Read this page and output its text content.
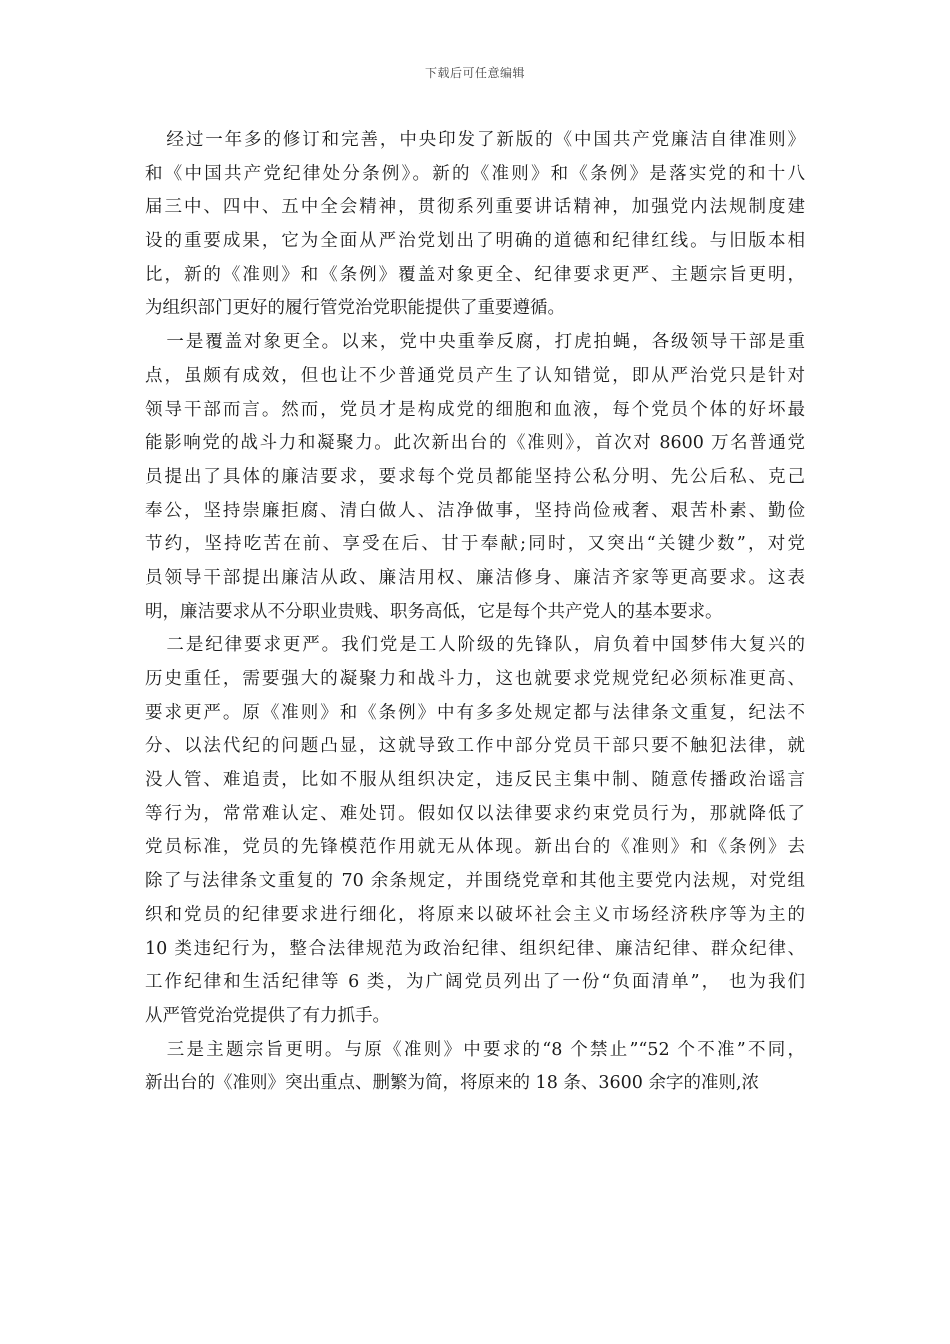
下载后可任意编辑
　经过一年多的修订和完善，中央印发了新版的《中国共产党廉洁自律准则》
和《中国共产党纪律处分条例》。新的《准则》和《条例》是落实党的和十八
届三中、四中、五中全会精神，贯彻系列重要讲话精神，加强党内法规制度建
设的重要成果，它为全面从严治党划出了明确的道德和纪律红线。与旧版本相
比，新的《准则》和《条例》覆盖对象更全、纪律要求更严、主题宗旨更明，
为组织部门更好的履行管党治党职能提供了重要遵循。
　一是覆盖对象更全。以来，党中央重拳反腐，打虎拍蝇，各级领导干部是重
点，虽颇有成效，但也让不少普通党员产生了认知错觉，即从严治党只是针对
领导干部而言。然而，党员才是构成党的细胞和血液，每个党员个体的好坏最
能影响党的战斗力和凝聚力。此次新出台的《准则》，首次对 8600 万名普通党
员提出了具体的廉洁要求，要求每个党员都能坚持公私分明、先公后私、克己
奉公，坚持崇廉拒腐、清白做人、洁净做事，坚持尚俭戒奢、艰苦朴素、勤俭
节约，坚持吃苦在前、享受在后、甘于奉献;同时，又突出“关键少数”，对党
员领导干部提出廉洁从政、廉洁用权、廉洁修身、廉洁齐家等更高要求。这表
明，廉洁要求从不分职业贵贱、职务高低，它是每个共产党人的基本要求。
　二是纪律要求更严。我们党是工人阶级的先锋队，肩负着中国梦伟大复兴的
历史重任，需要强大的凝聚力和战斗力，这也就要求党规党纪必须标准更高、
要求更严。原《准则》和《条例》中有多多处规定都与法律条文重复，纪法不
分、以法代纪的问题凸显，这就导致工作中部分党员干部只要不触犯法律，就
没人管、难追责，比如不服从组织决定，违反民主集中制、随意传播政治谣言
等行为，常常难认定、难处罚。假如仅以法律要求约束党员行为，那就降低了
党员标准，党员的先锋模范作用就无从体现。新出台的《准则》和《条例》去
除了与法律条文重复的 70 余条规定，并围绕党章和其他主要党内法规，对党组
织和党员的纪律要求进行细化，将原来以破坏社会主义市场经济秩序等为主的
10 类违纪行为，整合法律规范为政治纪律、组织纪律、廉洁纪律、群众纪律、
工作纪律和生活纪律等 6 类，为广阔党员列出了一份“负面清单”， 也为我们
从严管党治党提供了有力抓手。
　三是主题宗旨更明。与原《准则》中要求的“8 个禁止”“52 个不准”不同，
新出台的《准则》突出重点、删繁为简，将原来的 18 条、3600 余字的准则,浓
